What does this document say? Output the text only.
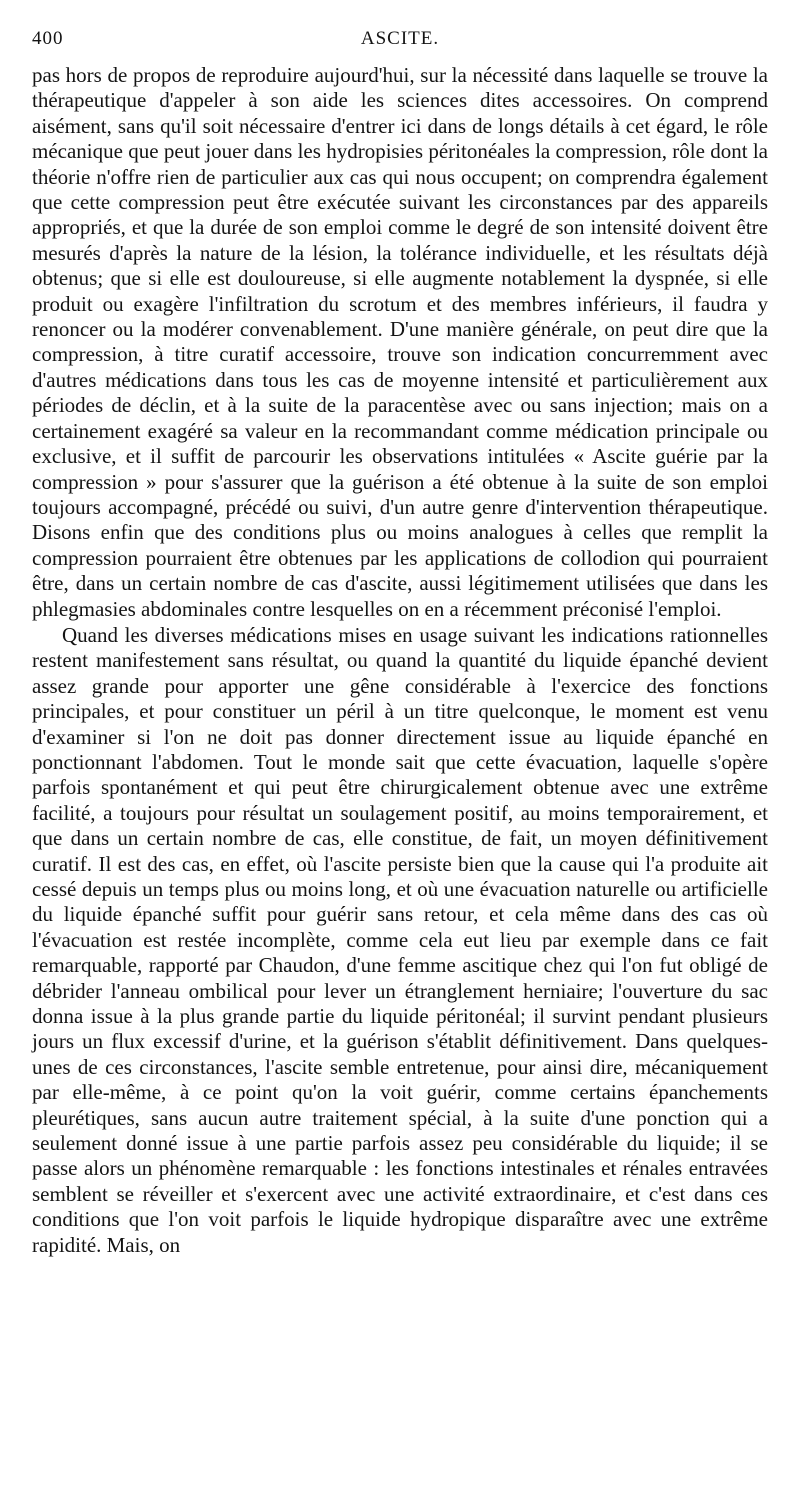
400	ASCITE.

pas hors de propos de reproduire aujourd'hui, sur la nécessité dans laquelle se trouve la thérapeutique d'appeler à son aide les sciences dites accessoires. On comprend aisément, sans qu'il soit nécessaire d'entrer ici dans de longs détails à cet égard, le rôle mécanique que peut jouer dans les hydropisies péritonéales la compression, rôle dont la théorie n'offre rien de particulier aux cas qui nous occupent; on comprendra également que cette compression peut être exécutée suivant les circonstances par des appareils appropriés, et que la durée de son emploi comme le degré de son intensité doivent être mesurés d'après la nature de la lésion, la tolérance individuelle, et les résultats déjà obtenus; que si elle est douloureuse, si elle augmente notablement la dyspnée, si elle produit ou exagère l'infiltration du scrotum et des membres inférieurs, il faudra y renoncer ou la modérer convenablement. D'une manière générale, on peut dire que la compression, à titre curatif accessoire, trouve son indication concurremment avec d'autres médications dans tous les cas de moyenne intensité et particulièrement aux périodes de déclin, et à la suite de la paracentèse avec ou sans injection; mais on a certainement exagéré sa valeur en la recommandant comme médication principale ou exclusive, et il suffit de parcourir les observations intitulées « Ascite guérie par la compression » pour s'assurer que la guérison a été obtenue à la suite de son emploi toujours accompagné, précédé ou suivi, d'un autre genre d'intervention thérapeutique. Disons enfin que des conditions plus ou moins analogues à celles que remplit la compression pourraient être obtenues par les applications de collodion qui pourraient être, dans un certain nombre de cas d'ascite, aussi légitimement utilisées que dans les phlegmasies abdominales contre lesquelles on en a récemment préconisé l'emploi.

Quand les diverses médications mises en usage suivant les indications rationnelles restent manifestement sans résultat, ou quand la quantité du liquide épanché devient assez grande pour apporter une gêne considérable à l'exercice des fonctions principales, et pour constituer un péril à un titre quelconque, le moment est venu d'examiner si l'on ne doit pas donner directement issue au liquide épanché en ponctionnant l'abdomen. Tout le monde sait que cette évacuation, laquelle s'opère parfois spontanément et qui peut être chirurgicalement obtenue avec une extrême facilité, a toujours pour résultat un soulagement positif, au moins temporairement, et que dans un certain nombre de cas, elle constitue, de fait, un moyen définitivement curatif. Il est des cas, en effet, où l'ascite persiste bien que la cause qui l'a produite ait cessé depuis un temps plus ou moins long, et où une évacuation naturelle ou artificielle du liquide épanché suffit pour guérir sans retour, et cela même dans des cas où l'évacuation est restée incomplète, comme cela eut lieu par exemple dans ce fait remarquable, rapporté par Chaudon, d'une femme ascitique chez qui l'on fut obligé de débrider l'anneau ombilical pour lever un étranglement herniaire; l'ouverture du sac donna issue à la plus grande partie du liquide péritonéal; il survint pendant plusieurs jours un flux excessif d'urine, et la guérison s'établit définitivement. Dans quelques-unes de ces circonstances, l'ascite semble entretenue, pour ainsi dire, mécaniquement par elle-même, à ce point qu'on la voit guérir, comme certains épanchements pleurétiques, sans aucun autre traitement spécial, à la suite d'une ponction qui a seulement donné issue à une partie parfois assez peu considérable du liquide; il se passe alors un phénomène remarquable : les fonctions intestinales et rénales entravées semblent se réveiller et s'exercent avec une activité extraordinaire, et c'est dans ces conditions que l'on voit parfois le liquide hydropique disparaître avec une extrême rapidité. Mais, on
